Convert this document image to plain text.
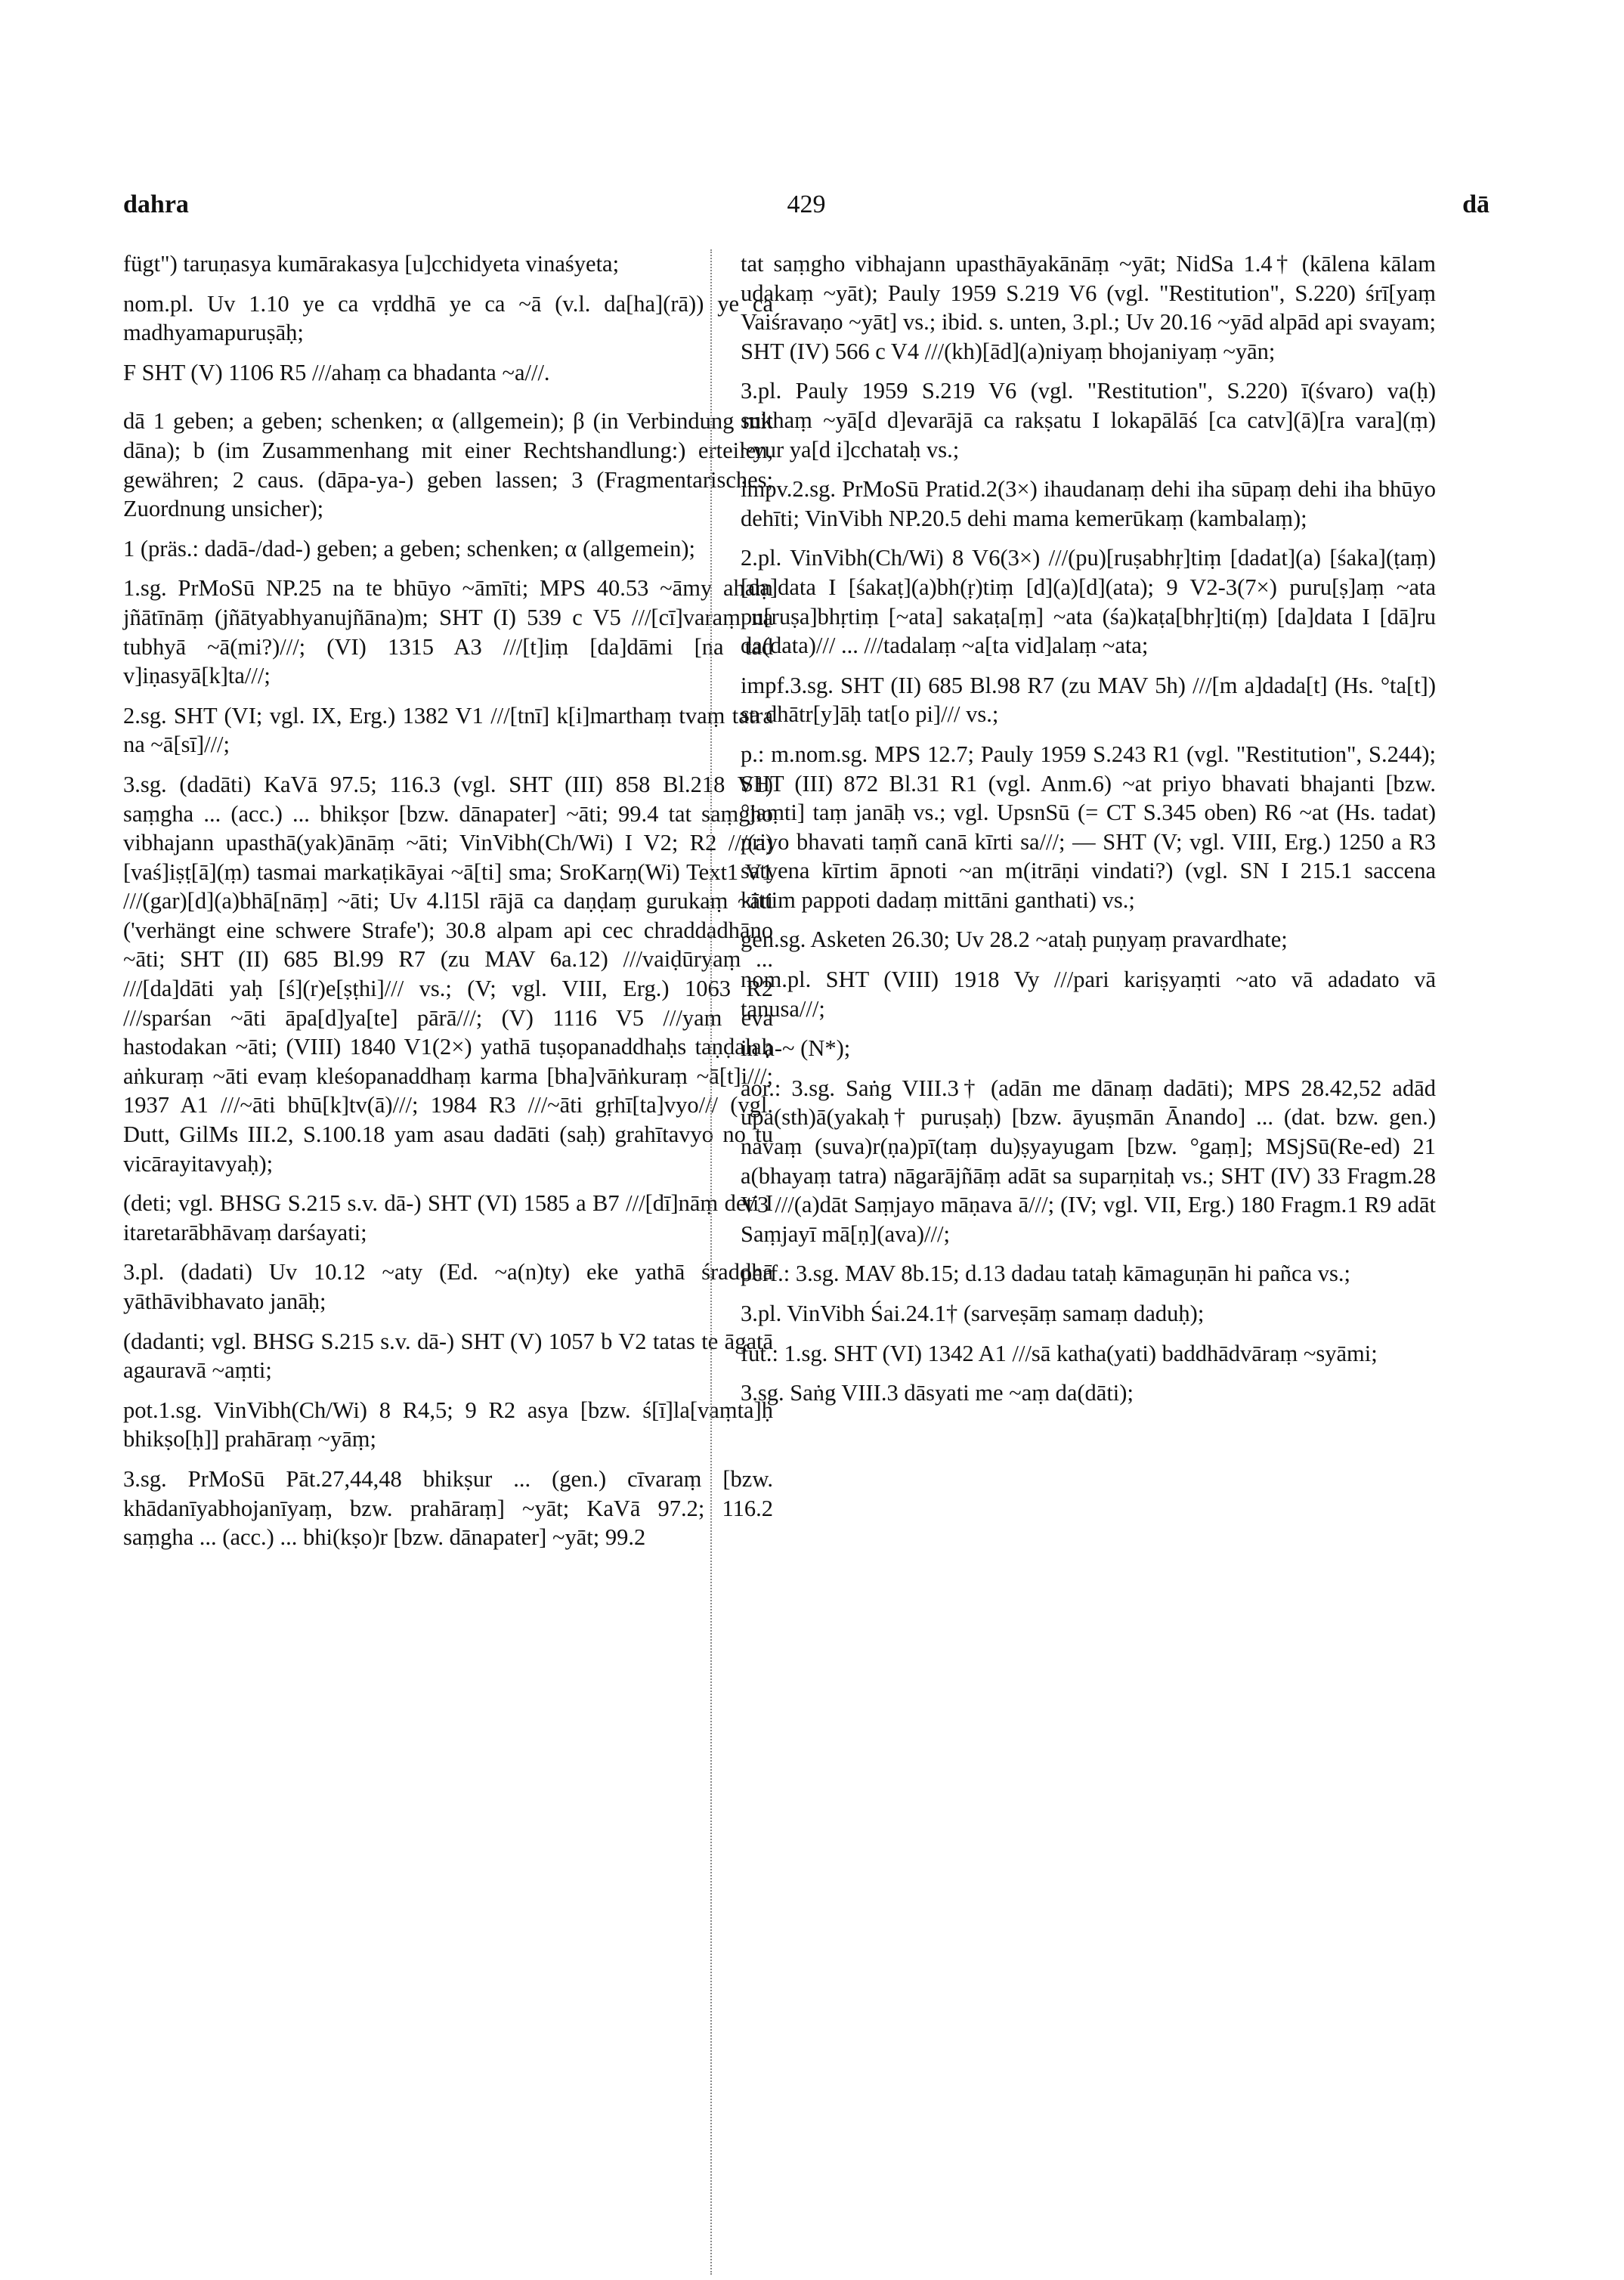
dahra	429	dā

fügt") taruṇasya kumārakasya [u]cchidyeta vinaśyeta;

nom.pl. Uv 1.10 ye ca vṛddhā ye ca ~ā (v.l. da[ha](rā)) ye ca madhyamapuruṣāḥ;

F SHT (V) 1106 R5 ///ahaṃ ca bhadanta ~a///.

dā 1 geben; a geben; schenken; α (allgemein); β (in Verbindung mit dāna); b (im Zusammenhang mit einer Rechtshandlung:) erteilen, gewähren; 2 caus. (dāpa-ya-) geben lassen; 3 (Fragmentarisches; Zuordnung unsicher);

1 (präs.: dadā-/dad-) geben; a geben; schenken; α (allgemein);

1.sg. PrMoSū NP.25 na te bhūyo ~āmīti; MPS 40.53 ~āmy ahaṃ jñātīnāṃ (jñātyabhyanujñāna)m; SHT (I) 539 c V5 ///[cī]varaṃ na tubhyā ~ā(mi?)///; (VI) 1315 A3 ///[t]iṃ [da]dāmi [na tad v]iṇasyā[k]ta///;

2.sg. SHT (VI; vgl. IX, Erg.) 1382 V1 ///[tnī] k[i]marthaṃ tvaṃ tatra na ~ā[sī]///;

3.sg. (dadāti) KaVā 97.5; 116.3 (vgl. SHT (III) 858 Bl.218 V1) saṃgha ... (acc.) ... bhikṣor [bzw. dānapater] ~āti; 99.4 tat saṃgho vibhajann upasthā(yak)ānāṃ ~āti; VinVibh(Ch/Wi) I V2; R2 ///(a)[vaś]iṣṭ[ā](ṃ) tasmai markaṭikāyai ~ā[ti] sma; SroKarṇ(Wi) Text1 V1 ///(gar)[d](a)bhā[nāṃ] ~āti; Uv 4.l15l rājā ca daṇḍaṃ gurukaṃ ~āti ('verhängt eine schwere Strafe'); 30.8 alpam api cec chraddadhāno ~āti; SHT (II) 685 Bl.99 R7 (zu MAV 6a.12) ///vaiḍūryaṃ ... ///[da]dāti yaḥ [ś](r)e[ṣṭhi]/// vs.; (V; vgl. VIII, Erg.) 1063 R2 ///sparśan ~āti āpa[d]ya[te] pārā///; (V) 1116 V5 ///yam eva hastodakan ~āti; (VIII) 1840 V1(2×) yathā tuṣopanaddhaḥs taṇḍalaḥ aṅkuraṃ ~āti evaṃ kleśopanaddhaṃ karma [bha]vāṅkuraṃ ~ā[t]i///; 1937 A1 ///~āti bhū[k]tv(ā)///; 1984 R3 ///~āti gṛhī[ta]vyo/// (vgl. Dutt, GilMs III.2, S.100.18 yam asau dadāti (saḥ) grahītavyo no tu vicārayitavyaḥ);

(deti; vgl. BHSG S.215 s.v. dā-) SHT (VI) 1585 a B7 ///[dī]nāṃ deti I itaretarābhāvaṃ darśayati;

3.pl. (dadati) Uv 10.12 ~aty (Ed. ~a(n)ty) eke yathā śraddhā yāthāvibhavato janāḥ;

(dadanti; vgl. BHSG S.215 s.v. dā-) SHT (V) 1057 b V2 tatas te āgatā agauravā ~aṃti;

pot.1.sg. VinVibh(Ch/Wi) 8 R4,5; 9 R2 asya [bzw. ś[ī]la[vaṃta]ḥ bhikṣo[ḥ]] prahāraṃ ~yāṃ;

3.sg. PrMoSū Pāt.27,44,48 bhikṣur ... (gen.) cīvaraṃ [bzw. khādanīyabhojanīyaṃ, bzw. prahāraṃ] ~yāt; KaVā 97.2; 116.2 saṃgha ... (acc.) ... bhi(kṣo)r [bzw. dānapater] ~yāt; 99.2

tat saṃgho vibhajann upasthāyakānāṃ ~yāt; NidSa 1.4† (kālena kālam udakaṃ ~yāt); Pauly 1959 S.219 V6 (vgl. "Restitution", S.220) śrī[yaṃ Vaiśravaṇo ~yāt] vs.; ibid. s. unten, 3.pl.; Uv 20.16 ~yād alpād api svayam; SHT (IV) 566 c V4 ///(kh)[ād](a)niyaṃ bhojaniyaṃ ~yān;

3.pl. Pauly 1959 S.219 V6 (vgl. "Restitution", S.220) ī(śvaro) va(ḥ) sukhaṃ ~yā[d d]evarājā ca rakṣatu I lokapālāś [ca catv](ā)[ra vara](ṃ) ~yur ya[d i]cchataḥ vs.;

impv.2.sg. PrMoSū Pratid.2(3×) ihaudanaṃ dehi iha sūpaṃ dehi iha bhūyo dehīti; VinVibh NP.20.5 dehi mama kemerūkaṃ (kambalaṃ);

2.pl. VinVibh(Ch/Wi) 8 V6(3×) ///(pu)[ruṣabhṛ]tiṃ [dadat](a) [śaka](ṭaṃ) [da]data I [śakaṭ](a)bh(ṛ)tiṃ [d](a)[d](ata); 9 V2-3(7×) puru[ṣ]aṃ ~ata pu[ruṣa]bhṛtiṃ [~ata] sakaṭa[ṃ] ~ata (śa)kaṭa[bhṛ]ti(ṃ) [da]data I [dā]ru da(data)/// ... ///tadalaṃ ~a[ta vid]alaṃ ~ata;

impf.3.sg. SHT (II) 685 Bl.98 R7 (zu MAV 5h) ///[m a]dada[t] (Hs. °ta[t]) sa dhātr[y]āḥ tat[o pi]/// vs.;

p.: m.nom.sg. MPS 12.7; Pauly 1959 S.243 R1 (vgl. "Restitution", S.244); SHT (III) 872 Bl.31 R1 (vgl. Anm.6) ~at priyo bhavati bhajanti [bzw. °jaṃti] taṃ janāḥ vs.; vgl. UpsnSū (= CT S.345 oben) R6 ~at (Hs. tadat) priyo bhavati taṃñ canā kīrti sa///; — SHT (V; vgl. VIII, Erg.) 1250 a R3 satyena kīrtim āpnoti ~an m(itrāṇi vindati?) (vgl. SN I 215.1 saccena kittim pappoti dadaṃ mittāni ganthati) vs.;

gen.sg. Asketen 26.30; Uv 28.2 ~ataḥ puṇyaṃ pravardhate;

nom.pl. SHT (VIII) 1918 Vy ///pari kariṣyaṃti ~ato vā adadato vā tanusa///;

in a-~ (N*);

aor.: 3.sg. Saṅg VIII.3† (adān me dānaṃ dadāti); MPS 28.42,52 adād upa(sth)ā(yakaḥ† puruṣaḥ) [bzw. āyuṣmān Ānando] ... (dat. bzw. gen.) navaṃ (suva)r(ṇa)pī(taṃ du)ṣyayugam [bzw. °gaṃ]; MSjSū(Re-ed) 21 a(bhayaṃ tatra) nāgarājñāṃ adāt sa suparṇitaḥ vs.; SHT (IV) 33 Fragm.28 V3 ///(a)dāt Saṃjayo māṇava ā///; (IV; vgl. VII, Erg.) 180 Fragm.1 R9 adāt Saṃjayī mā[ṇ](ava)///;

perf.: 3.sg. MAV 8b.15; d.13 dadau tataḥ kāmaguṇān hi pañca vs.;

3.pl. VinVibh Śai.24.1† (sarveṣāṃ samaṃ daduḥ);

fut.: 1.sg. SHT (VI) 1342 A1 ///sā katha(yati) baddhādvāraṃ ~syāmi;

3.sg. Saṅg VIII.3 dāsyati me ~aṃ da(dāti);
